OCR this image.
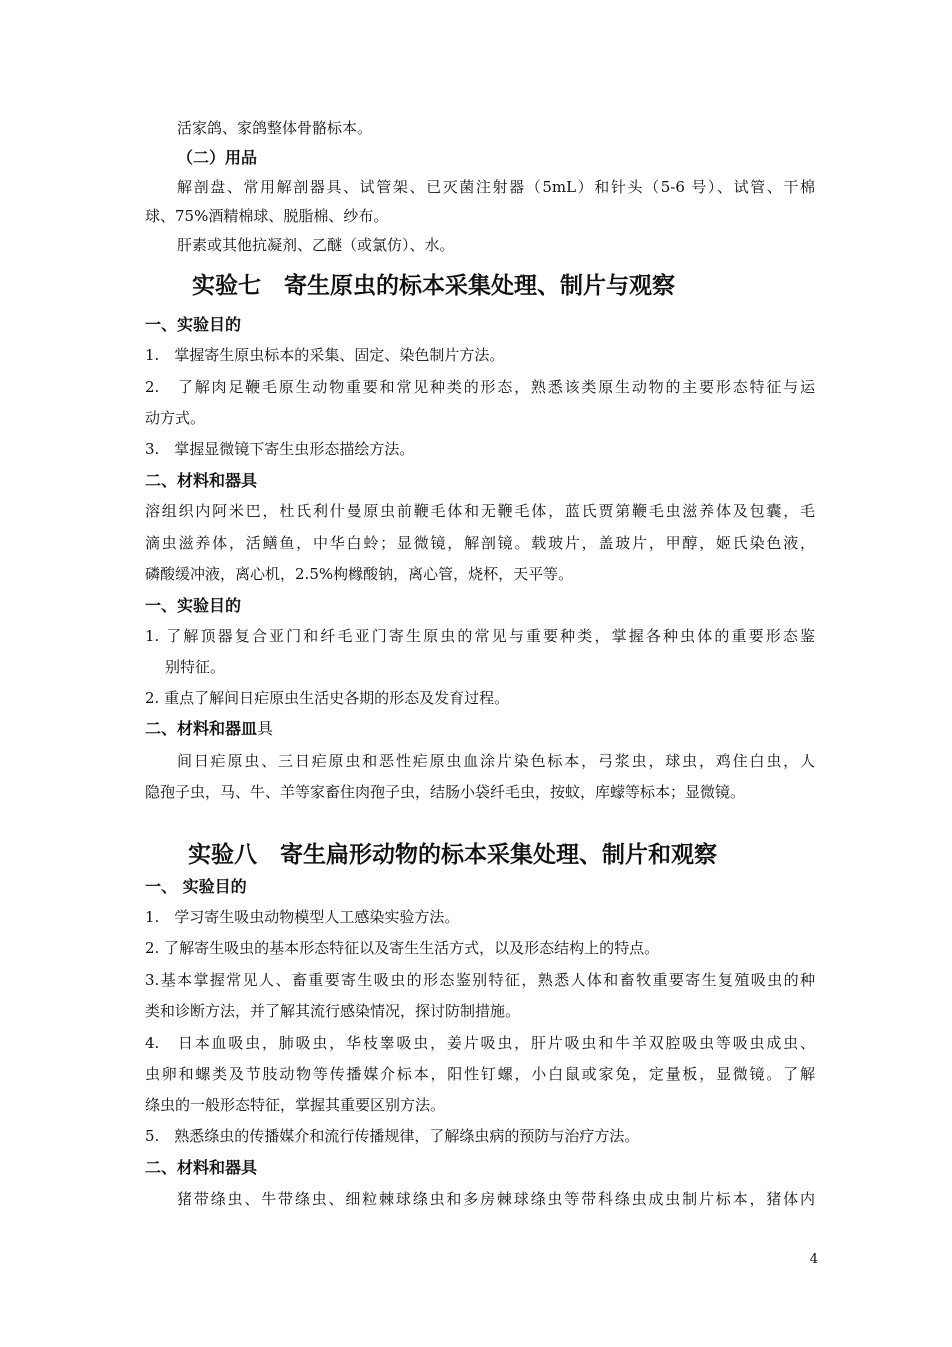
活家鸽、家鸽整体骨骼标本。
（二）用品
解剖盘、常用解剖器具、试管架、已灭菌注射器（5mL）和针头（5-6 号）、试管、干棉
球、75%酒精棉球、脱脂棉、纱布。
肝素或其他抗凝剂、乙醚（或氯仿）、水。
实验七　寄生原虫的标本采集处理、制片与观察
一、实验目的
1.　掌握寄生原虫标本的采集、固定、染色制片方法。
2.　了解肉足鞭毛原生动物重要和常见种类的形态，熟悉该类原生动物的主要形态特征与运
动方式。
3.　掌握显微镜下寄生虫形态描绘方法。
二、材料和器具
溶组织内阿米巴，杜氏利什曼原虫前鞭毛体和无鞭毛体，蓝氏贾第鞭毛虫滋养体及包囊，毛
滴虫滋养体，活鳝鱼，中华白蛉；显微镜，解剖镜。载玻片，盖玻片，甲醇，姬氏染色液，
磷酸缓冲液，离心机，2.5%枸橼酸钠，离心管，烧杯，天平等。
一、实验目的
1. 了解顶器复合亚门和纤毛亚门寄生原虫的常见与重要种类，掌握各种虫体的重要形态鉴
别特征。
2. 重点了解间日疟原虫生活史各期的形态及发育过程。
二、材料和器皿具
间日疟原虫、三日疟原虫和恶性疟原虫血涂片染色标本，弓浆虫，球虫，鸡住白虫，人
隐孢子虫，马、牛、羊等家畜住肉孢子虫，结肠小袋纤毛虫，按蚊，库蠓等标本；显微镜。
实验八　寄生扁形动物的标本采集处理、制片和观察
一、 实验目的
1.　学习寄生吸虫动物模型人工感染实验方法。
2. 了解寄生吸虫的基本形态特征以及寄生生活方式，以及形态结构上的特点。
3.基本掌握常见人、畜重要寄生吸虫的形态鉴别特征，熟悉人体和畜牧重要寄生复殖吸虫的种
类和诊断方法，并了解其流行感染情况，探讨防制措施。
4.　日本血吸虫，肺吸虫，华枝睾吸虫，姜片吸虫，肝片吸虫和牛羊双腔吸虫等吸虫成虫、
虫卵和螺类及节肢动物等传播媒介标本，阳性钉螺，小白鼠或家兔，定量板，显微镜。了解
绦虫的一般形态特征，掌握其重要区别方法。
5.　熟悉绦虫的传播媒介和流行传播规律，了解绦虫病的预防与治疗方法。
二、材料和器具
猪带绦虫、牛带绦虫、细粒棘球绦虫和多房棘球绦虫等带科绦虫成虫制片标本，猪体内
4
